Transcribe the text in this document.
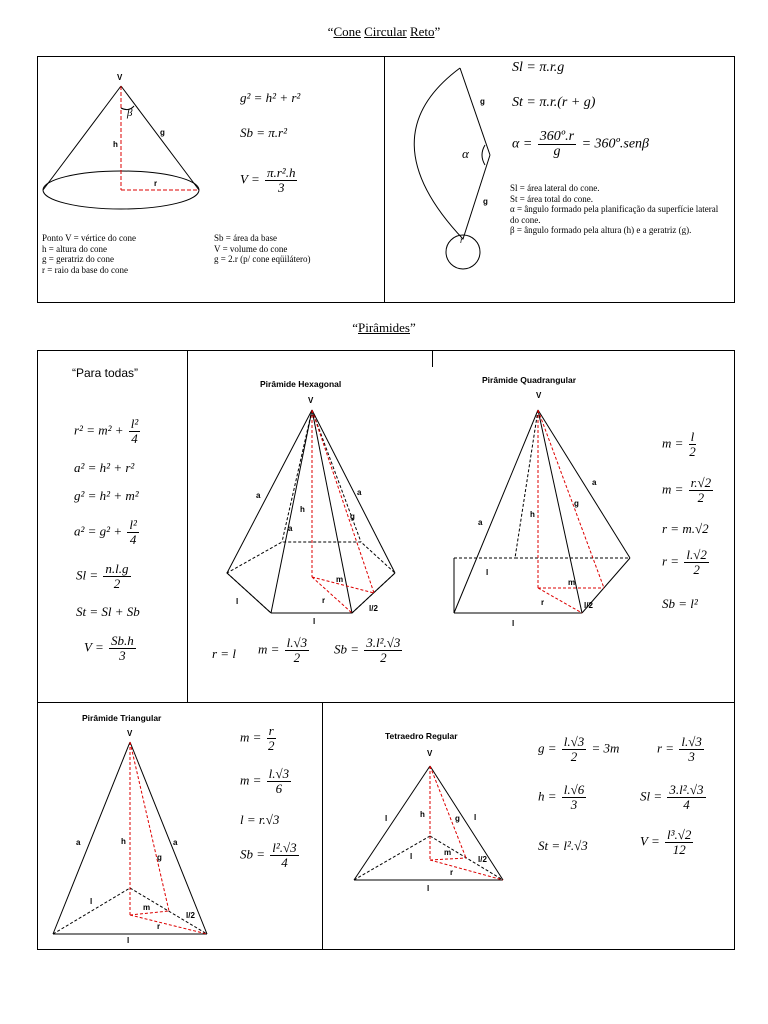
“Cone Circular Reto”
V
β
g
h
r
g² = h² + r²
Sb = π.r²
$V = \frac{\text{π.r².h}}{3}$
Ponto V = vértice do cone
h = altura do cone
g = geratriz do cone
r = raio da base do cone
Sb = área da base
V = volume do cone
g = 2.r (p/ cone eqüilátero)
g
α
g
r
Sl = π.r.g
St = π.r.(r + g)
$\alpha = \frac{\text{360º.r}}{g}$ = 360º.senβ
Sl = área lateral do cone.
St = área total do cone.
α = ângulo formado pela planificação da superfície lateral do cone.
β = ângulo formado pela altura (h) e a geratriz (g).
“Pirâmides”
“Para todas”
$r^2 = m^2 + \frac{\text{l²}}{4}$
a² = h² + r²
g² = h² + m²
$a^2 = g^2 + \frac{\text{l²}}{4}$
$Sl = \frac{n.l.g}{2}$
St = Sl + Sb
$V = \frac{Sb.h}{3}$
Pirâmide Hexagonal
V
a	a
a
h
g
m
r
l
l
l/2
r = l $m = \frac{l.√3}{2}$ $Sb = \frac{\text{3.l².√3}}{2}$
Pirâmide Quadrangular
V
a
a
h
g
m
r
l
l
l/2
$m = \frac{l}{2}$
$m = \frac{r.√2}{2}$
r = m.√2
$r = \frac{l.√2}{2}$
Sb = l²
Pirâmide Triangular
V
a	a
h
g
m
r
l
l
l/2
$m = \frac{r}{2}$
$m = \frac{l.√3}{6}$
l = r.√3
$Sb = \frac{\text{l².√3}}{4}$
Tetraedro Regular
V
l	l
h	g
m
r
l
l
l/2
$g = \frac{l.√3}{2} = 3m$	$r = \frac{l.√3}{3}$
$h = \frac{l.√6}{3}$	$Sl = \frac{\text{3.l².√3}}{4}$
St = l².√3	$V = \frac{\text{l³.√2}}{12}$
